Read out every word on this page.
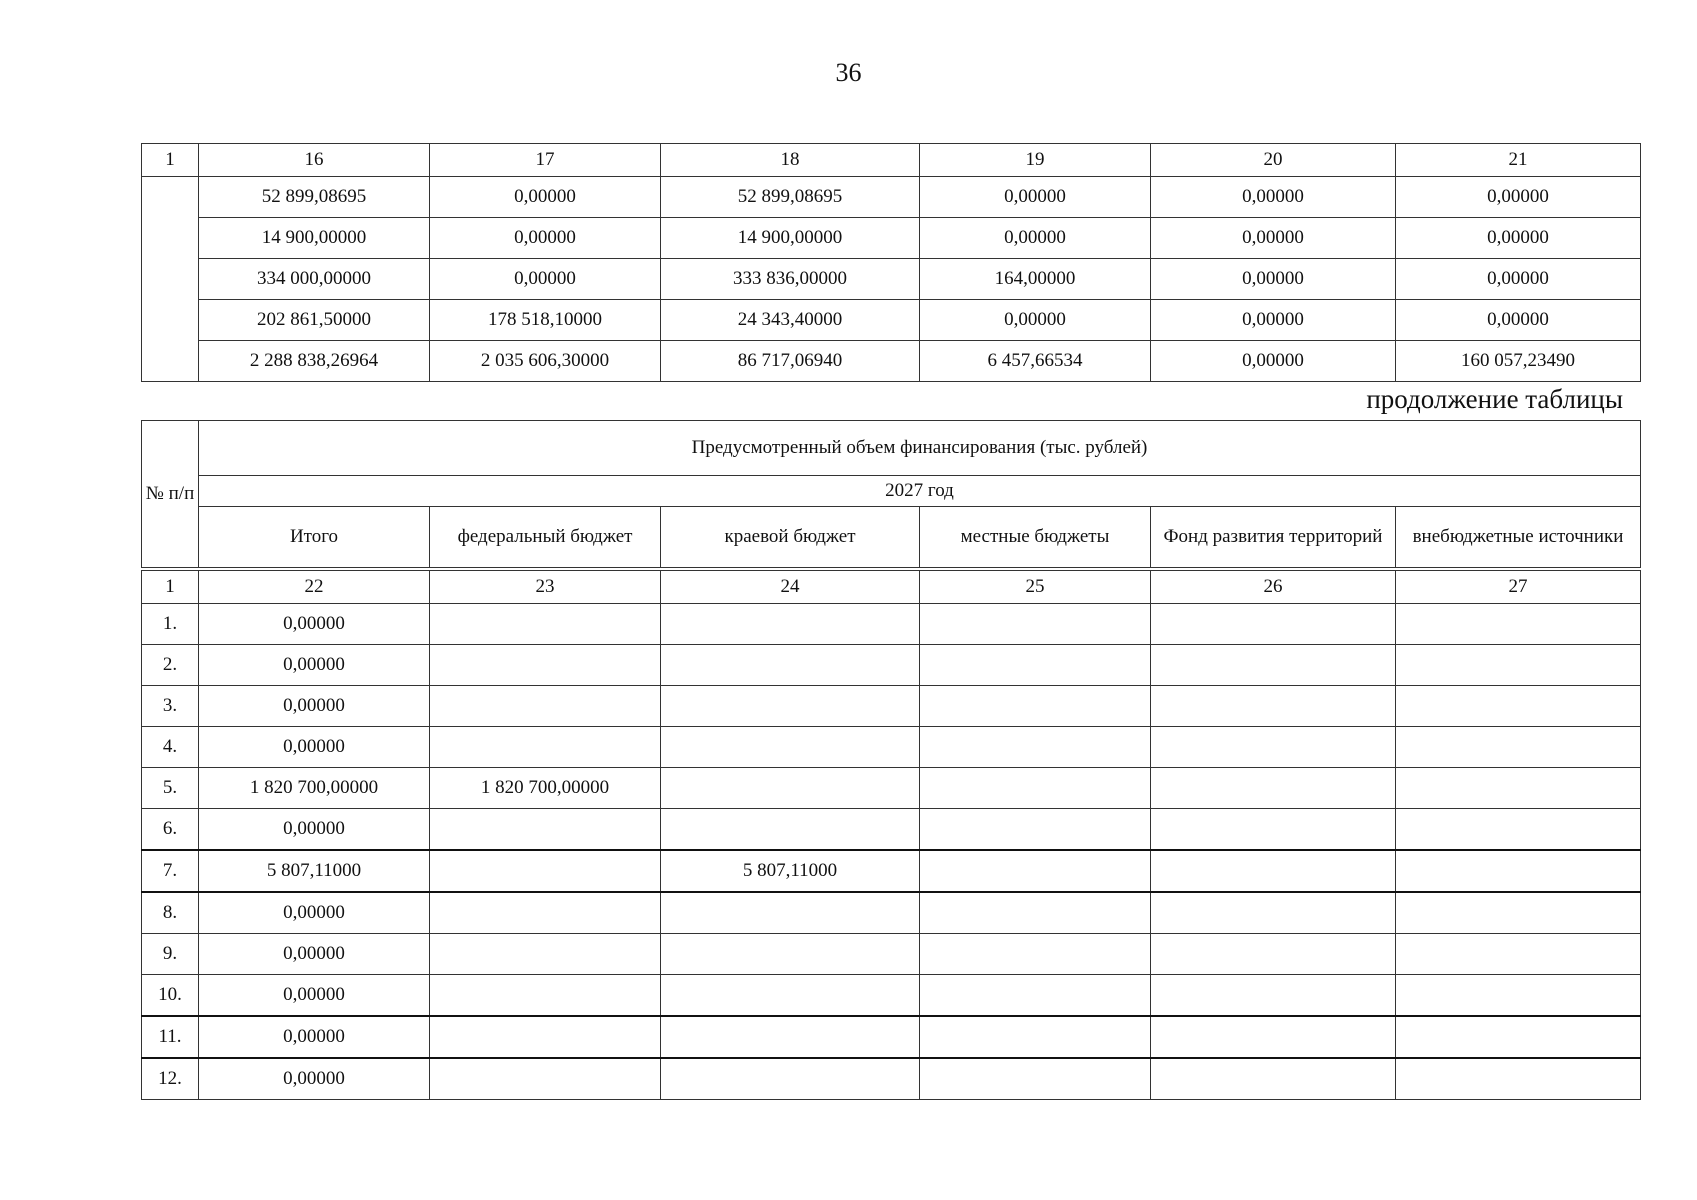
36
1	16	17	18	19	20	21
	52 899,08695	0,00000	52 899,08695	0,00000	0,00000	0,00000
	14 900,00000	0,00000	14 900,00000	0,00000	0,00000	0,00000
	334 000,00000	0,00000	333 836,00000	164,00000	0,00000	0,00000
	202 861,50000	178 518,10000	24 343,40000	0,00000	0,00000	0,00000
	2 288 838,26964	2 035 606,30000	86 717,06940	6 457,66534	0,00000	160 057,23490
продолжение таблицы
№ п/п	Предусмотренный объем финансирования (тыс. рублей)					
	2027 год					
	Итого	федеральный бюджет	краевой бюджет	местные бюджеты	Фонд развития территорий	внебюджетные источники
1	22	23	24	25	26	27
1.	0,00000					
2.	0,00000					
3.	0,00000					
4.	0,00000					
5.	1 820 700,00000	1 820 700,00000				
6.	0,00000					
7.	5 807,11000		5 807,11000			
8.	0,00000					
9.	0,00000					
10.	0,00000					
11.	0,00000					
12.	0,00000					
